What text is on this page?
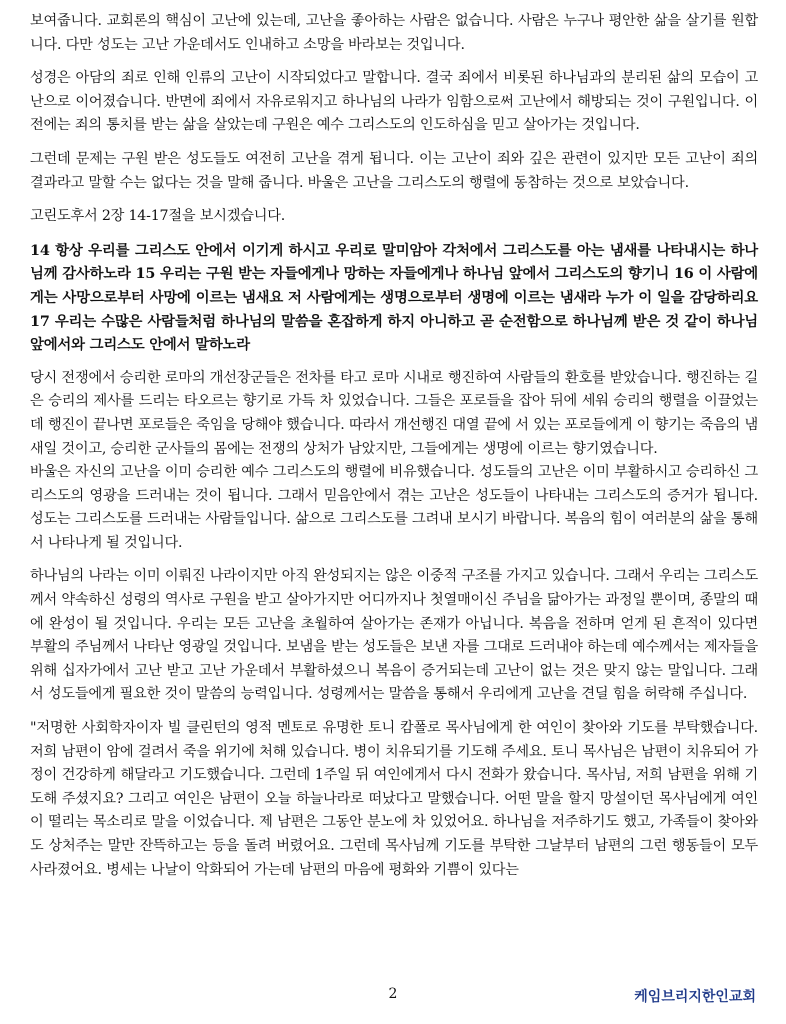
보여줍니다. 교회론의 핵심이 고난에 있는데, 고난을 좋아하는 사람은 없습니다. 사람은 누구나 평안한 삶을 살기를 원합니다. 다만 성도는 고난 가운데서도 인내하고 소망을 바라보는 것입니다.

성경은 아담의 죄로 인해 인류의 고난이 시작되었다고 말합니다. 결국 죄에서 비롯된 하나님과의 분리된 삶의 모습이 고난으로 이어졌습니다. 반면에 죄에서 자유로워지고 하나님의 나라가 임함으로써 고난에서 해방되는 것이 구원입니다. 이전에는 죄의 통치를 받는 삶을 살았는데 구원은 예수 그리스도의 인도하심을 믿고 살아가는 것입니다.

그런데 문제는 구원 받은 성도들도 여전히 고난을 겪게 됩니다. 이는 고난이 죄와 깊은 관련이 있지만 모든 고난이 죄의 결과라고 말할 수는 없다는 것을 말해 줍니다. 바울은 고난을 그리스도의 행렬에 동참하는 것으로 보았습니다.

고린도후서 2장 14-17절을 보시겠습니다.

14 항상 우리를 그리스도 안에서 이기게 하시고 우리로 말미암아 각처에서 그리스도를 아는 냄새를 나타내시는 하나님께 감사하노라 15 우리는 구원 받는 자들에게나 망하는 자들에게나 하나님 앞에서 그리스도의 향기니 16 이 사람에게는 사망으로부터 사망에 이르는 냄새요 저 사람에게는 생명으로부터 생명에 이르는 냄새라 누가 이 일을 감당하리요 17 우리는 수많은 사람들처럼 하나님의 말씀을 혼잡하게 하지 아니하고 곧 순전함으로 하나님께 받은 것 같이 하나님 앞에서와 그리스도 안에서 말하노라

당시 전쟁에서 승리한 로마의 개선장군들은 전차를 타고 로마 시내로 행진하여 사람들의 환호를 받았습니다. 행진하는 길은 승리의 제사를 드리는 타오르는 향기로 가득 차 있었습니다. 그들은 포로들을 잡아 뒤에 세워 승리의 행렬을 이끌었는데 행진이 끝나면 포로들은 죽임을 당해야 했습니다. 따라서 개선행진 대열 끝에 서 있는 포로들에게 이 향기는 죽음의 냄새일 것이고, 승리한 군사들의 몸에는 전쟁의 상처가 남았지만, 그들에게는 생명에 이르는 향기였습니다.

바울은 자신의 고난을 이미 승리한 예수 그리스도의 행렬에 비유했습니다. 성도들의 고난은 이미 부활하시고 승리하신 그리스도의 영광을 드러내는 것이 됩니다. 그래서 믿음안에서 겪는 고난은 성도들이 나타내는 그리스도의 증거가 됩니다. 성도는 그리스도를 드러내는 사람들입니다. 삶으로 그리스도를 그려내 보시기 바랍니다. 복음의 힘이 여러분의 삶을 통해서 나타나게 될 것입니다.

하나님의 나라는 이미 이뤄진 나라이지만 아직 완성되지는 않은 이중적 구조를 가지고 있습니다. 그래서 우리는 그리스도께서 약속하신 성령의 역사로 구원을 받고 살아가지만 어디까지나 첫열매이신 주님을 닮아가는 과정일 뿐이며, 종말의 때에 완성이 될 것입니다. 우리는 모든 고난을 초월하여 살아가는 존재가 아닙니다. 복음을 전하며 얻게 된 흔적이 있다면 부활의 주님께서 나타난 영광일 것입니다. 보냄을 받는 성도들은 보낸 자를 그대로 드러내야 하는데 예수께서는 제자들을 위해 십자가에서 고난 받고 고난 가운데서 부활하셨으니 복음이 증거되는데 고난이 없는 것은 맞지 않는 말입니다. 그래서 성도들에게 필요한 것이 말씀의 능력입니다. 성령께서는 말씀을 통해서 우리에게 고난을 견딜 힘을 허락해 주십니다.

"저명한 사회학자이자 빌 클린턴의 영적 멘토로 유명한 토니 캄폴로 목사님에게 한 여인이 찾아와 기도를 부탁했습니다. 저희 남편이 암에 걸려서 죽을 위기에 처해 있습니다. 병이 치유되기를 기도해 주세요. 토니 목사님은 남편이 치유되어 가정이 건강하게 해달라고 기도했습니다. 그런데 1주일 뒤 여인에게서 다시 전화가 왔습니다. 목사님, 저희 남편을 위해 기도해 주셨지요? 그리고 여인은 남편이 오늘 하늘나라로 떠났다고 말했습니다. 어떤 말을 할지 망설이던 목사님에게 여인이 떨리는 목소리로 말을 이었습니다. 제 남편은 그동안 분노에 차 있었어요. 하나님을 저주하기도 했고, 가족들이 찾아와도 상처주는 말만 잔뜩하고는 등을 돌려 버렸어요. 그런데 목사님께 기도를 부탁한 그날부터 남편의 그런 행동들이 모두 사라졌어요. 병세는 나날이 악화되어 가는데 남편의 마음에 평화와 기쁨이 있다는

2	케임브리지한인교회
